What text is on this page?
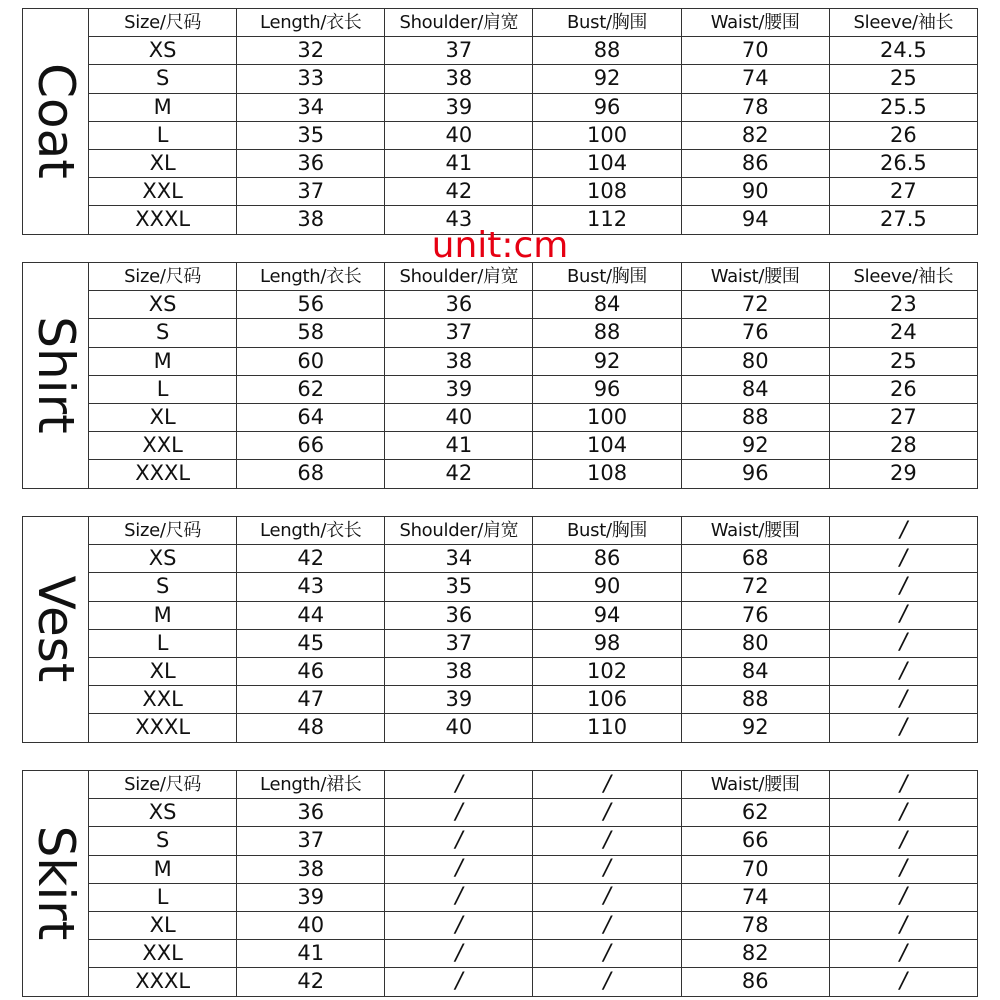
Coat	Size/尺码	Length/衣长	Shoulder/肩宽	Bust/胸围	Waist/腰围	Sleeve/袖长
	XS	32	37	88	70	24.5
	S	33	38	92	74	25
	M	34	39	96	78	25.5
	L	35	40	100	82	26
	XL	36	41	104	86	26.5
	XXL	37	42	108	90	27
	XXXL	38	43	112	94	27.5
Shirt	Size/尺码	Length/衣长	Shoulder/肩宽	Bust/胸围	Waist/腰围	Sleeve/袖长
	XS	56	36	84	72	23
	S	58	37	88	76	24
	M	60	38	92	80	25
	L	62	39	96	84	26
	XL	64	40	100	88	27
	XXL	66	41	104	92	28
	XXXL	68	42	108	96	29
Vest	Size/尺码	Length/衣长	Shoulder/肩宽	Bust/胸围	Waist/腰围	/
	XS	42	34	86	68	/
	S	43	35	90	72	/
	M	44	36	94	76	/
	L	45	37	98	80	/
	XL	46	38	102	84	/
	XXL	47	39	106	88	/
	XXXL	48	40	110	92	/
Skirt	Size/尺码	Length/裙长	/	/	Waist/腰围	/
	XS	36	/	/	62	/
	S	37	/	/	66	/
	M	38	/	/	70	/
	L	39	/	/	74	/
	XL	40	/	/	78	/
	XXL	41	/	/	82	/
	XXXL	42	/	/	86	/
unit:cm
